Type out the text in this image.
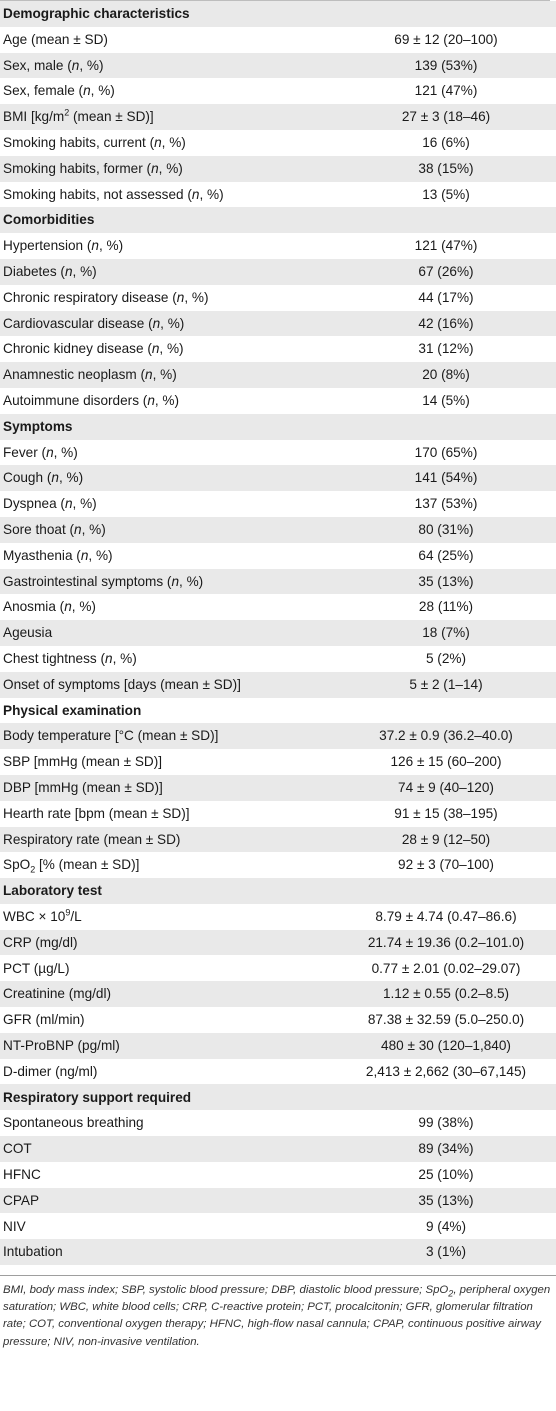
Demographic characteristics
Age (mean ± SD)	69 ± 12 (20–100)
Sex, male (n, %)	139 (53%)
Sex, female (n, %)	121 (47%)
BMI [$kg/m^2$ (mean ± SD)]	27 ± 3 (18–46)
Smoking habits, current (n, %)	16 (6%)
Smoking habits, former (n, %)	38 (15%)
Smoking habits, not assessed (n, %)	13 (5%)
Comorbidities
Hypertension (n, %)	121 (47%)
Diabetes (n, %)	67 (26%)
Chronic respiratory disease (n, %)	44 (17%)
Cardiovascular disease (n, %)	42 (16%)
Chronic kidney disease (n, %)	31 (12%)
Anamnestic neoplasm (n, %)	20 (8%)
Autoimmune disorders (n, %)	14 (5%)
Symptoms
Fever (n, %)	170 (65%)
Cough (n, %)	141 (54%)
Dyspnea (n, %)	137 (53%)
Sore thoat (n, %)	80 (31%)
Myasthenia (n, %)	64 (25%)
Gastrointestinal symptoms (n, %)	35 (13%)
Anosmia (n, %)	28 (11%)
Ageusia	18 (7%)
Chest tightness (n, %)	5 (2%)
Onset of symptoms [days (mean ± SD)]	5 ± 2 (1–14)
Physical examination
Body temperature [°C (mean ± SD)]	37.2 ± 0.9 (36.2–40.0)
SBP [mmHg (mean ± SD)]	126 ± 15 (60–200)
DBP [mmHg (mean ± SD)]	74 ± 9 (40–120)
Hearth rate [bpm (mean ± SD)]	91 ± 15 (38–195)
Respiratory rate (mean ± SD)	28 ± 9 (12–50)
SpO$_2$ [% (mean ± SD)]	92 ± 3 (70–100)
Laboratory test
WBC × $10^9/L$	8.79 ± 4.74 (0.47–86.6)
CRP (mg/dl)	21.74 ± 19.36 (0.2–101.0)
PCT (µg/L)	0.77 ± 2.01 (0.02–29.07)
Creatinine (mg/dl)	1.12 ± 0.55 (0.2–8.5)
GFR (ml/min)	87.38 ± 32.59 (5.0–250.0)
NT-ProBNP (pg/ml)	480 ± 30 (120–1,840)
D-dimer (ng/ml)	2,413 ± 2,662 (30–67,145)
Respiratory support required
Spontaneous breathing	99 (38%)
COT	89 (34%)
HFNC	25 (10%)
CPAP	35 (13%)
NIV	9 (4%)
Intubation	3 (1%)
BMI, body mass index; SBP, systolic blood pressure; DBP, diastolic blood pressure; SpO$_2$, peripheral oxygen saturation; WBC, white blood cells; CRP, C-reactive protein; PCT, procalcitonin; GFR, glomerular filtration rate; COT, conventional oxygen therapy; HFNC, high-flow nasal cannula; CPAP, continuous positive airway pressure; NIV, non-invasive ventilation.
